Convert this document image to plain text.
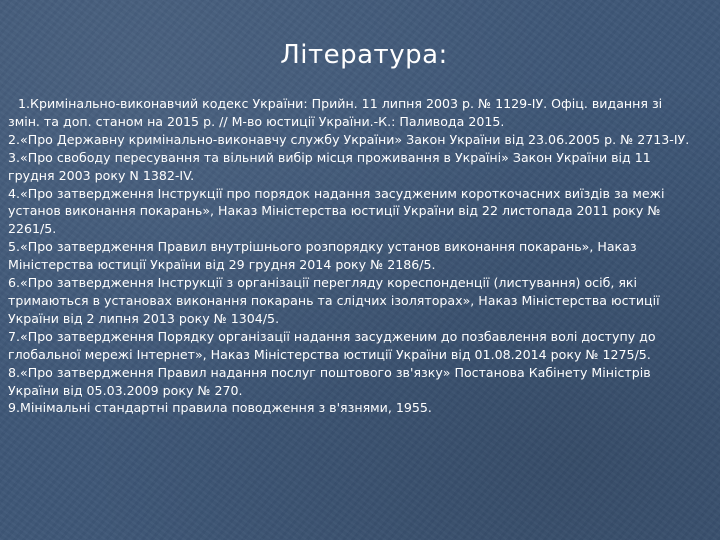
Література:

1.Кримінально-виконавчий кодекс України: Прийн. 11 липня 2003 р. № 1129-IУ. Офіц. видання зі змін. та доп. станом на 2015 р. // М-во юстиції України.-К.: Паливода 2015.

2.«Про Державну кримінально-виконавчу службу України» Закон України від 23.06.2005 р. № 2713-IУ.

3.«Про свободу пересування та вільний вибір місця проживання в Україні» Закон України від 11 грудня 2003 року N 1382-IV.

4.«Про затвердження Інструкції про порядок надання засудженим короткочасних виїздів за межі установ виконання покарань», Наказ Міністерства юстиції України від 22 листопада 2011 року № 2261/5.

5.«Про затвердження Правил внутрішнього розпорядку установ виконання покарань», Наказ Міністерства юстиції України від 29 грудня 2014 року № 2186/5.

6.«Про затвердження Інструкції з організації перегляду кореспонденції (листування) осіб, які тримаються в установах виконання покарань та слідчих ізоляторах», Наказ Міністерства юстиції України від 2 липня 2013 року № 1304/5.

7.«Про затвердження Порядку організації надання засудженим до позбавлення волі доступу до глобальної мережі Інтернет», Наказ Міністерства юстиції України від 01.08.2014 року № 1275/5.

8.«Про затвердження Правил надання послуг поштового зв'язку» Постанова Кабінету Міністрів України від 05.03.2009 року № 270.

9.Мінімальні стандартні правила поводження з в'язнями, 1955.
